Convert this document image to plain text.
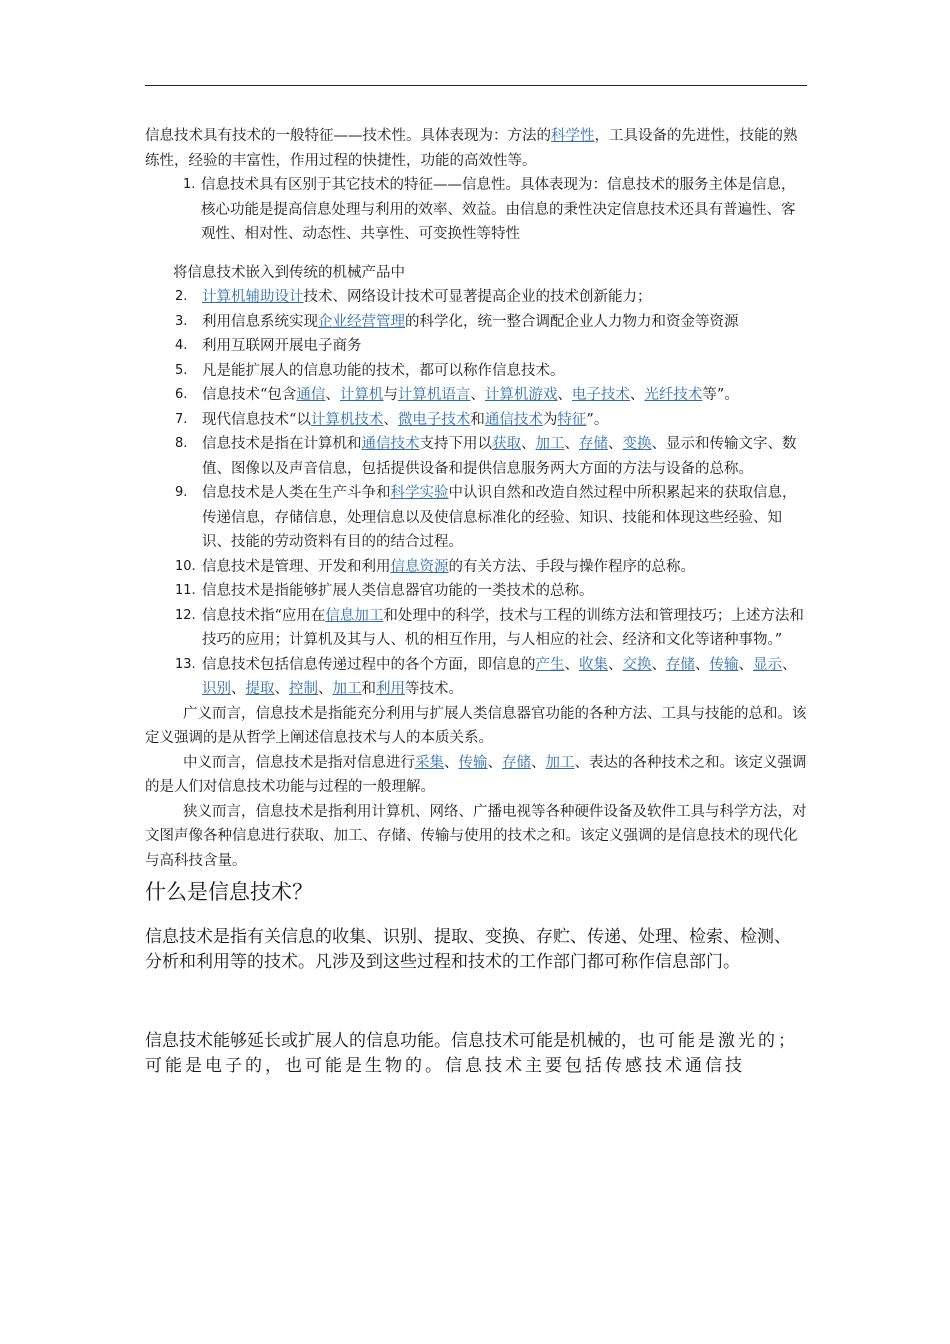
信息技术具有技术的一般特征——技术性。具体表现为：方法的科学性，工具设备的先进性，技能的熟练性，经验的丰富性，作用过程的快捷性，功能的高效性等。

1. 信息技术具有区别于其它技术的特征——信息性。具体表现为：信息技术的服务主体是信息，核心功能是提高信息处理与利用的效率、效益。由信息的秉性决定信息技术还具有普遍性、客观性、相对性、动态性、共享性、可变换性等特性

将信息技术嵌入到传统的机械产品中

2. 计算机辅助设计技术、网络设计技术可显著提高企业的技术创新能力；
3. 利用信息系统实现企业经营管理的科学化，统一整合调配企业人力物力和资金等资源
4. 利用互联网开展电子商务
5. 凡是能扩展人的信息功能的技术，都可以称作信息技术。
6. 信息技术“包含通信、计算机与计算机语言、计算机游戏、电子技术、光纤技术等”。
7. 现代信息技术“以计算机技术、微电子技术和通信技术为特征”。
8. 信息技术是指在计算机和通信技术支持下用以获取、加工、存储、变换、显示和传输文字、数值、图像以及声音信息，包括提供设备和提供信息服务两大方面的方法与设备的总称。
9. 信息技术是人类在生产斗争和科学实验中认识自然和改造自然过程中所积累起来的获取信息，传递信息，存储信息，处理信息以及使信息标准化的经验、知识、技能和体现这些经验、知识、技能的劳动资料有目的的结合过程。
10. 信息技术是管理、开发和利用信息资源的有关方法、手段与操作程序的总称。
11. 信息技术是指能够扩展人类信息器官功能的一类技术的总称。
12. 信息技术指“应用在信息加工和处理中的科学，技术与工程的训练方法和管理技巧；上述方法和技巧的应用；计算机及其与人、机的相互作用，与人相应的社会、经济和文化等诸种事物。”
13. 信息技术包括信息传递过程中的各个方面，即信息的产生、收集、交换、存储、传输、显示、识别、提取、控制、加工和利用等技术。

广义而言，信息技术是指能充分利用与扩展人类信息器官功能的各种方法、工具与技能的总和。该定义强调的是从哲学上阐述信息技术与人的本质关系。

中义而言，信息技术是指对信息进行采集、传输、存储、加工、表达的各种技术之和。该定义强调的是人们对信息技术功能与过程的一般理解。

狭义而言，信息技术是指利用计算机、网络、广播电视等各种硬件设备及软件工具与科学方法，对文图声像各种信息进行获取、加工、存储、传输与使用的技术之和。该定义强调的是信息技术的现代化与高科技含量。

什么是信息技术？

信息技术是指有关信息的收集、识别、提取、变换、存贮、传递、处理、检索、检测、分析和利用等的技术。凡涉及到这些过程和技术的工作部门都可称作信息部门。

信息技术能够延长或扩展人的信息功能。信息技术可能是机械的，也可能是激光的；可能是电子的，也可能是生物的。信息技术主要包括传感技术通信技
